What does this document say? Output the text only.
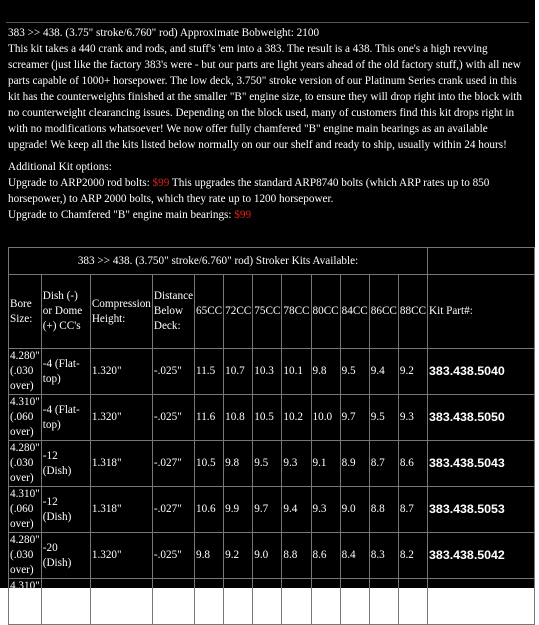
383 >> 438. (3.75" stroke/6.760" rod) Approximate Bobweight: 2100

This kit takes a 440 crank and rods, and stuff's 'em into a 383. The result is a 438. This one's a high revving screamer (just like the factory 383's were - but our parts are light years ahead of the old factory stuff,) with all new parts capable of 1000+ horsepower. The low deck, 3.750" stroke version of our Platinum Series crank used in this kit has the counterweights finished at the smaller "B" engine size, to ensure they will drop right into the block with no counterweight clearancing issues. Depending on the block used, many of customers find this kit drops right in with no modifications whatsoever! We now offer fully chamfered "B" engine main bearings as an available upgrade! We keep all the kits listed below normally on our our shelf and ready to ship, usually within 24 hours!

Additional Kit options:
Upgrade to ARP2000 rod bolts: $99 This upgrades the standard ARP8740 bolts (which ARP rates up to 850 horsepower,) to ARP 2000 bolts, which they rate up to 1200 horsepower.
Upgrade to Chamfered "B" engine main bearings: $99
383 >> 438. (3.750" stroke/6.760" rod) Stroker Kits Available:												
Bore Size:	Dish (-) or Dome (+) CC's	Compression Height:	Distance Below Deck:	65CC	72CC	75CC	78CC	80CC	84CC	86CC	88CC	Kit Part#:
4.280" (.030 over)	-4 (Flat-top)	1.320"	-.025"	11.5	10.7	10.3	10.1	9.8	9.5	9.4	9.2	383.438.5040
4.310" (.060 over)	-4 (Flat-top)	1.320"	-.025"	11.6	10.8	10.5	10.2	10.0	9.7	9.5	9.3	383.438.5050
4.280" (.030 over)	-12 (Dish)	1.318"	-.027"	10.5	9.8	9.5	9.3	9.1	8.9	8.7	8.6	383.438.5043
4.310" (.060 over)	-12 (Dish)	1.318"	-.027"	10.6	9.9	9.7	9.4	9.3	9.0	8.8	8.7	383.438.5053
4.280" (.030 over)	-20 (Dish)	1.320"	-.025"	9.8	9.2	9.0	8.8	8.6	8.4	8.3	8.2	383.438.5042
4.310" (.060 over)	-20 (Dish)	1.320"	-.025"	9.9	9.3	9.1	8.9	8.7	8.5	8.4	8.3	383.438.5052
